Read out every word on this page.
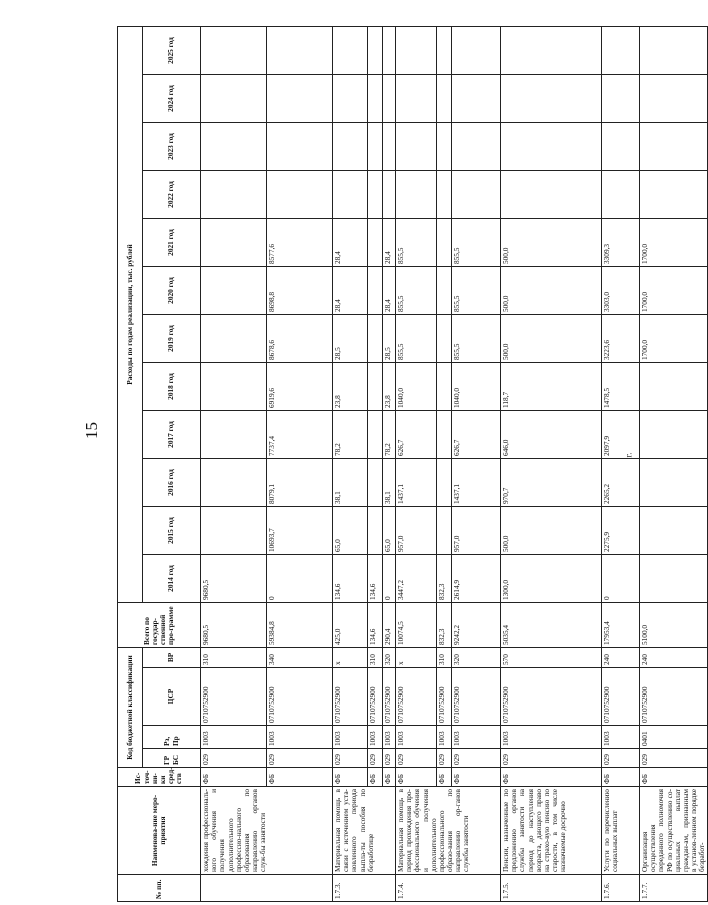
15
г.
№ пп.	Наименова-ние меро-приятия	Ис-точ-ни-ки сред-ств	Код бюджетной классификации				Всего по государ-ственной про-грамме	Расходы по годам реализации, тыс. рублей											
			ГР БС	Рз, Пр	ЦСР	ВР		2014 год	2015 год	2016 год	2017 год	2018 год	2019 год	2020 год	2021 год	2022 год	2023 год	2024 год	2025 год
	хождения профессиональ-ного обучения и получения дополнительного профессио-нального образования по направлению органов служ-бы занятости	ФБ	029	1003	0710752900	310	9680,5	9680,5											
		ФБ	029	1003	0710752900	340	59384,8	0	10693,7	8079,1	7737,4	6919,6	8678,6	8698,8	8577,6				
1.7.3.	Материальная помощь в связи с истечением уста-новленного периода выпла-ты пособия по безработице	ФБ	029	1003	0710752900	х	425,0	134,6	65,0	38,1	78,2	23,8	28,5	28,4	28,4				
		ФБ	029	1003	0710752900	310	134,6	134,6											
		ФБ	029	1003	0710752900	320	290,4	0	65,0	38,1	78,2	23,8	28,5	28,4	28,4				
1.7.4.	Материальная помощь в период прохождения про-фессионального обучения и получения дополнительного профессионального образо-вания по направлению ор-ганов службы занятости	ФБ	029	1003	0710752900	х	10074,5	3447,2	957,0	1437,1	626,7	1040,0	855,5	855,5	855,5				
		ФБ	029	1003	0710752900	310	832,3	832,3											
		ФБ	029	1003	0710752900	320	9242,2	2614,9	957,0	1437,1	626,7	1040,0	855,5	855,5	855,5				
1.7.5.	Пенсии, назначенные по предложению органов службы занятости на период до наступления возраста, дающего право на страхо-вую пенсию по старости, в том числе назначаемые досрочно	ФБ	029	1003	0710752900	570	5035,4	1300,0	500,0	970,7	646,0	118,7	500,0	500,0	500,0				
1.7.6.	Услуги по перечислению социальных выплат	ФБ	029	1003	0710752900	240	17953,4	0	2275,9	2265,2	2097,9	1478,5	3223,6	3303,0	3309,3				
1.7.7.	Организация осуществления переданного полномочия РФ по осуществлению со-циальных выплат граждан-ам, признанным в установ-ленном порядке безработ-	ФБ	029	0401	0710752900	240	5100,0						1700,0	1700,0	1700,0				
